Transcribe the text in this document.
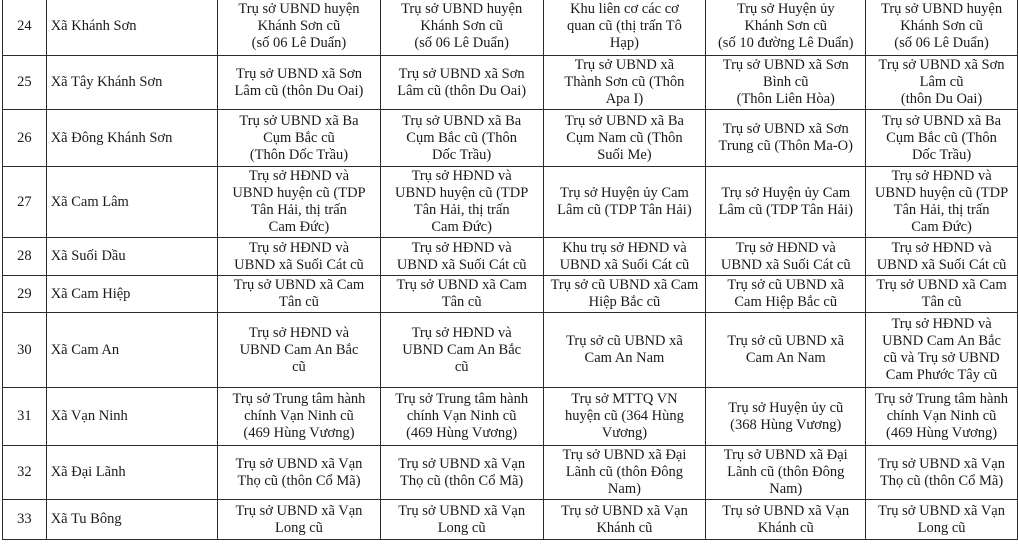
24	Xã Khánh Sơn	Trụ sở UBND huyện
Khánh Sơn cũ
(số 06 Lê Duẩn)	Trụ sở UBND huyện
Khánh Sơn cũ
(số 06 Lê Duẩn)	Khu liên cơ các cơ
quan cũ (thị trấn Tô
Hạp)	Trụ sở Huyện ủy
Khánh Sơn cũ
(số 10 đường Lê Duẩn)	Trụ sở UBND huyện
Khánh Sơn cũ
(số 06 Lê Duẩn)

25	Xã Tây Khánh Sơn	Trụ sở UBND xã Sơn
Lâm cũ (thôn Du Oai)	Trụ sở UBND xã Sơn
Lâm cũ (thôn Du Oai)	Trụ sở UBND xã
Thành Sơn cũ (Thôn
Apa I)	Trụ sở UBND xã Sơn
Bình cũ
(Thôn Liên Hòa)	Trụ sở UBND xã Sơn
Lâm cũ
(thôn Du Oai)

26	Xã Đông Khánh Sơn	Trụ sở UBND xã Ba
Cụm Bắc cũ
(Thôn Dốc Trầu)	Trụ sở UBND xã Ba
Cụm Bắc cũ (Thôn
Dốc Trầu)	Trụ sở UBND xã Ba
Cụm Nam cũ (Thôn
Suối Me)	Trụ sở UBND xã Sơn
Trung cũ (Thôn Ma-O)	Trụ sở UBND xã Ba
Cụm Bắc cũ (Thôn
Dốc Trầu)

27	Xã Cam Lâm	Trụ sở HĐND và
UBND huyện cũ (TDP
Tân Hải, thị trấn
Cam Đức)	Trụ sở HĐND và
UBND huyện cũ (TDP
Tân Hải, thị trấn
Cam Đức)	Trụ sở Huyện ủy Cam
Lâm cũ (TDP Tân Hải)	Trụ sở Huyện ủy Cam
Lâm cũ (TDP Tân Hải)	Trụ sở HĐND và
UBND huyện cũ (TDP
Tân Hải, thị trấn
Cam Đức)

28	Xã Suối Dầu	Trụ sở HĐND và
UBND xã Suối Cát cũ	Trụ sở HĐND và
UBND xã Suối Cát cũ	Khu trụ sở HĐND và
UBND xã Suối Cát cũ	Trụ sở HĐND và
UBND xã Suối Cát cũ	Trụ sở HĐND và
UBND xã Suối Cát cũ

29	Xã Cam Hiệp	Trụ sở UBND xã Cam
Tân cũ	Trụ sở UBND xã Cam
Tân cũ	Trụ sở cũ UBND xã Cam
Hiệp Bắc cũ	Trụ sở cũ UBND xã
Cam Hiệp Bắc cũ	Trụ sở UBND xã Cam
Tân cũ

30	Xã Cam An	Trụ sở HĐND và
UBND Cam An Bắc
cũ	Trụ sở HĐND và
UBND Cam An Bắc
cũ	Trụ sở cũ UBND xã
Cam An Nam	Trụ sở cũ UBND xã
Cam An Nam	Trụ sở HĐND và
UBND Cam An Bắc
cũ và Trụ sở UBND
Cam Phước Tây cũ

31	Xã Vạn Ninh	Trụ sở Trung tâm hành
chính Vạn Ninh cũ
(469 Hùng Vương)	Trụ sở Trung tâm hành
chính Vạn Ninh cũ
(469 Hùng Vương)	Trụ sở MTTQ VN
huyện cũ (364 Hùng
Vương)	Trụ sở Huyện ủy cũ
(368 Hùng Vương)	Trụ sở Trung tâm hành
chính Vạn Ninh cũ
(469 Hùng Vương)

32	Xã Đại Lãnh	Trụ sở UBND xã Vạn
Thọ cũ (thôn Cổ Mã)	Trụ sở UBND xã Vạn
Thọ cũ (thôn Cổ Mã)	Trụ sở UBND xã Đại
Lãnh cũ (thôn Đông
Nam)	Trụ sở UBND xã Đại
Lãnh cũ (thôn Đông
Nam)	Trụ sở UBND xã Vạn
Thọ cũ (thôn Cổ Mã)

33	Xã Tu Bông	Trụ sở UBND xã Vạn
Long cũ	Trụ sở UBND xã Vạn
Long cũ	Trụ sở UBND xã Vạn
Khánh cũ	Trụ sở UBND xã Vạn
Khánh cũ	Trụ sở UBND xã Vạn
Long cũ
